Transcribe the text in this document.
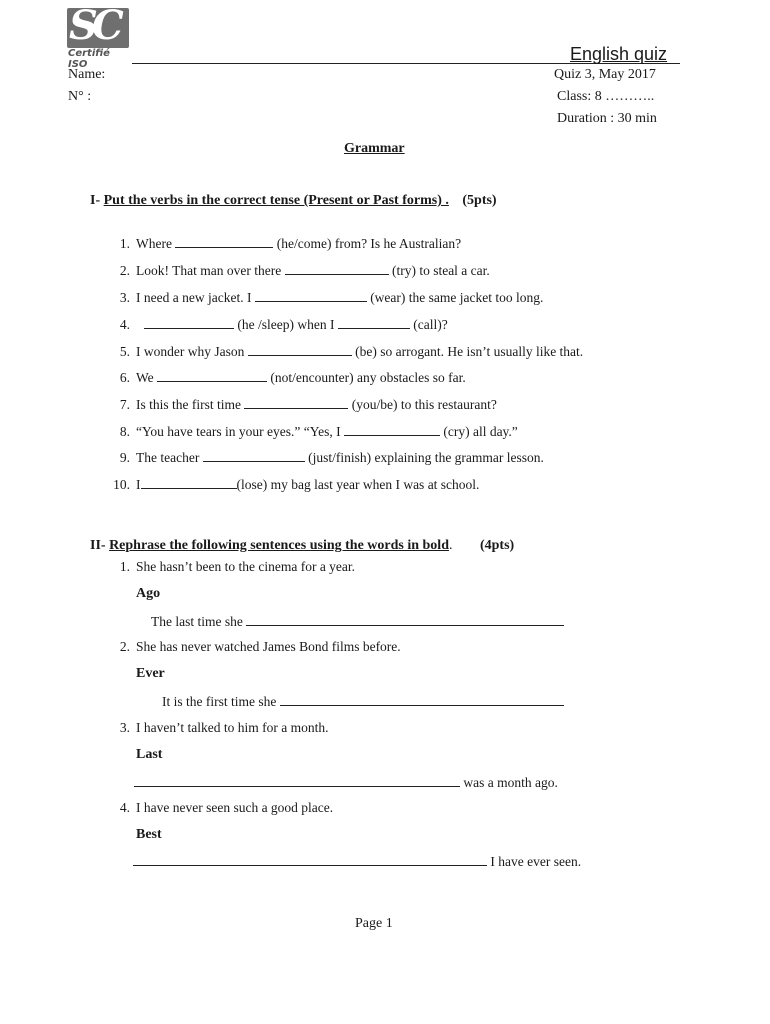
SC
Certifié ISO
English quiz
Name:
N° :
Quiz 3, May 2017
Class: 8 ………..
Duration : 30 min
Grammar
I- Put the verbs in the correct tense (Present or Past forms) . (5pts)
1. Where	(he/come) from? Is he Australian?
2. Look! That man over there	(try) to steal a car.
3. I need a new jacket. I	(wear) the same jacket too long.
4.	(he /sleep) when I	(call)?
5. I wonder why Jason	(be) so arrogant. He isn’t usually like that.
6. We	(not/encounter) any obstacles so far.
7. Is this the first time	(you/be) to this restaurant?
8. “You have tears in your eyes.” “Yes, I	(cry) all day.”
9. The teacher	(just/finish) explaining the grammar lesson.
10. I	(lose) my bag last year when I was at school.
II- Rephrase the following sentences using the words in bold. (4pts)
1. She hasn’t been to the cinema for a year.
Ago
The last time she
2. She has never watched James Bond films before.
Ever
It is the first time she
3. I haven’t talked to him for a month.
Last
was a month ago.
4. I have never seen such a good place.
Best
I have ever seen.
Page 1
